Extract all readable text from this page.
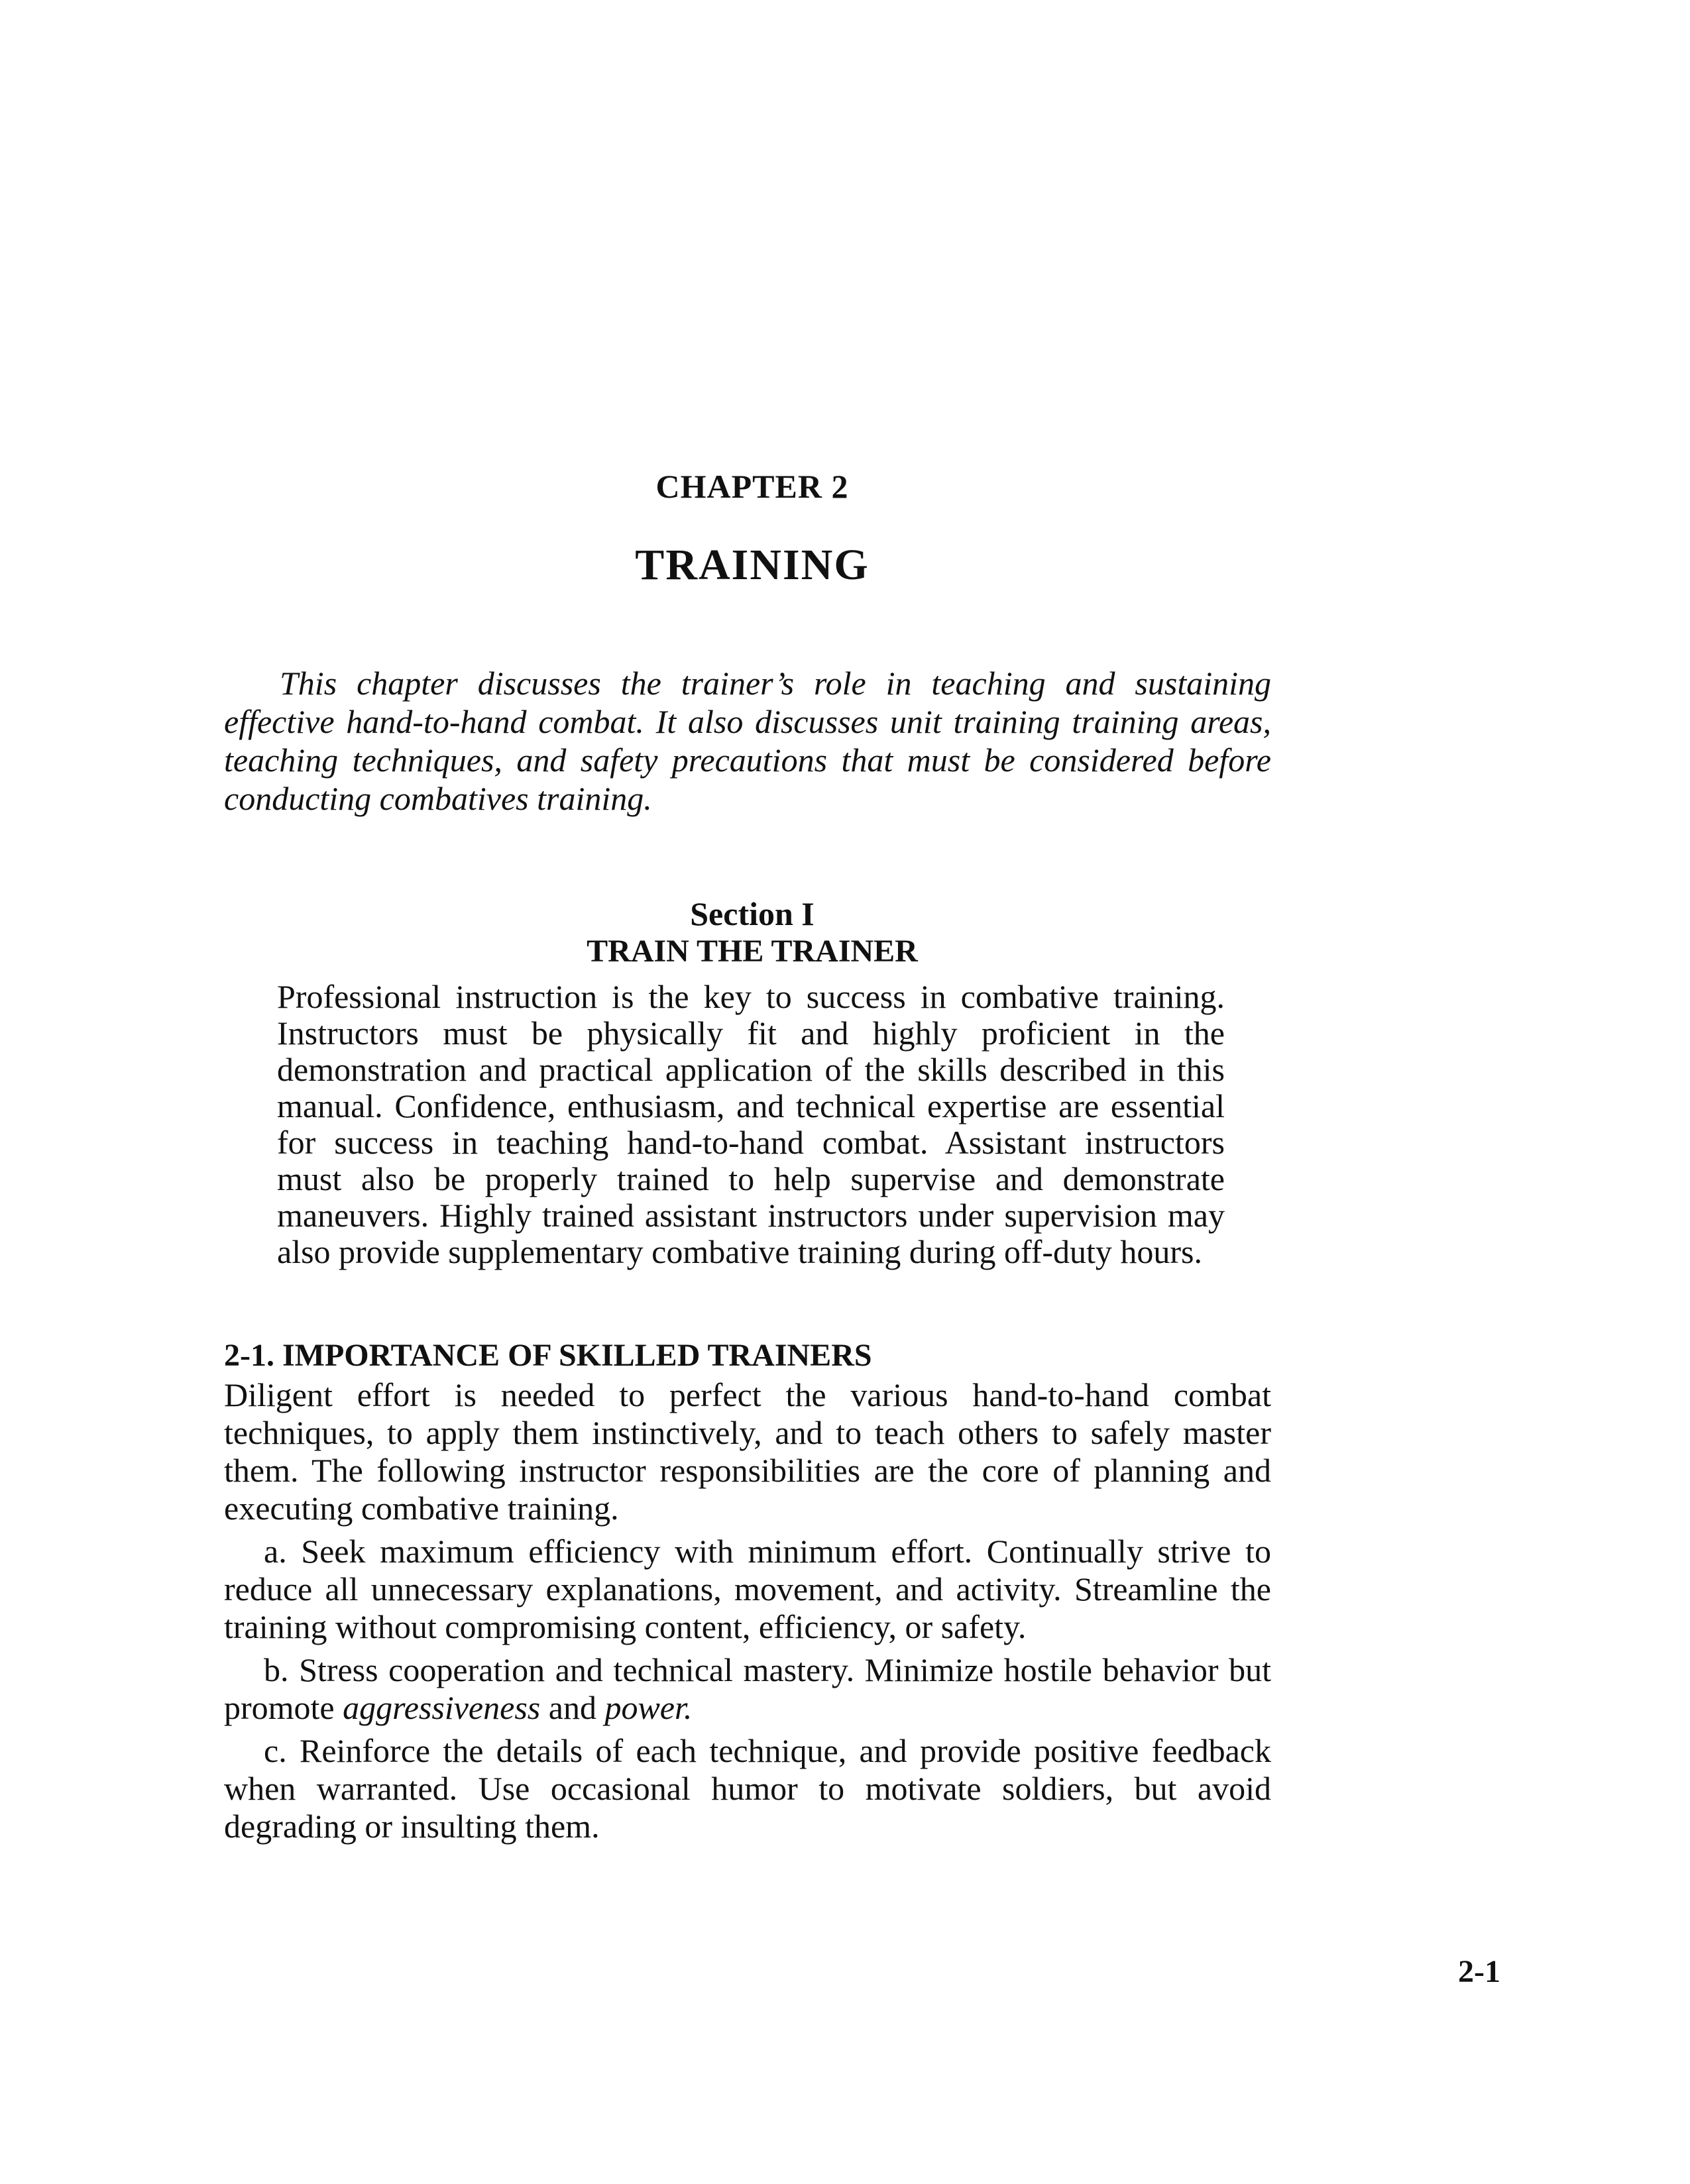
CHAPTER 2
TRAINING

This chapter discusses the trainer’s role in teaching and sustaining effective hand-to-hand combat. It also discusses unit training training areas, teaching techniques, and safety precautions that must be considered before conducting combatives training.

Section I
TRAIN THE TRAINER

Professional instruction is the key to success in combative training. Instructors must be physically fit and highly proficient in the demonstration and practical application of the skills described in this manual. Confidence, enthusiasm, and technical expertise are essential for success in teaching hand-to-hand combat. Assistant instructors must also be properly trained to help supervise and demonstrate maneuvers. Highly trained assistant instructors under supervision may also provide supplementary combative training during off-duty hours.

2-1. IMPORTANCE OF SKILLED TRAINERS

Diligent effort is needed to perfect the various hand-to-hand combat techniques, to apply them instinctively, and to teach others to safely master them. The following instructor responsibilities are the core of planning and executing combative training.

a. Seek maximum efficiency with minimum effort. Continually strive to reduce all unnecessary explanations, movement, and activity. Streamline the training without compromising content, efficiency, or safety.

b. Stress cooperation and technical mastery. Minimize hostile behavior but promote aggressiveness and power.

c. Reinforce the details of each technique, and provide positive feedback when warranted. Use occasional humor to motivate soldiers, but avoid degrading or insulting them.

2-1
